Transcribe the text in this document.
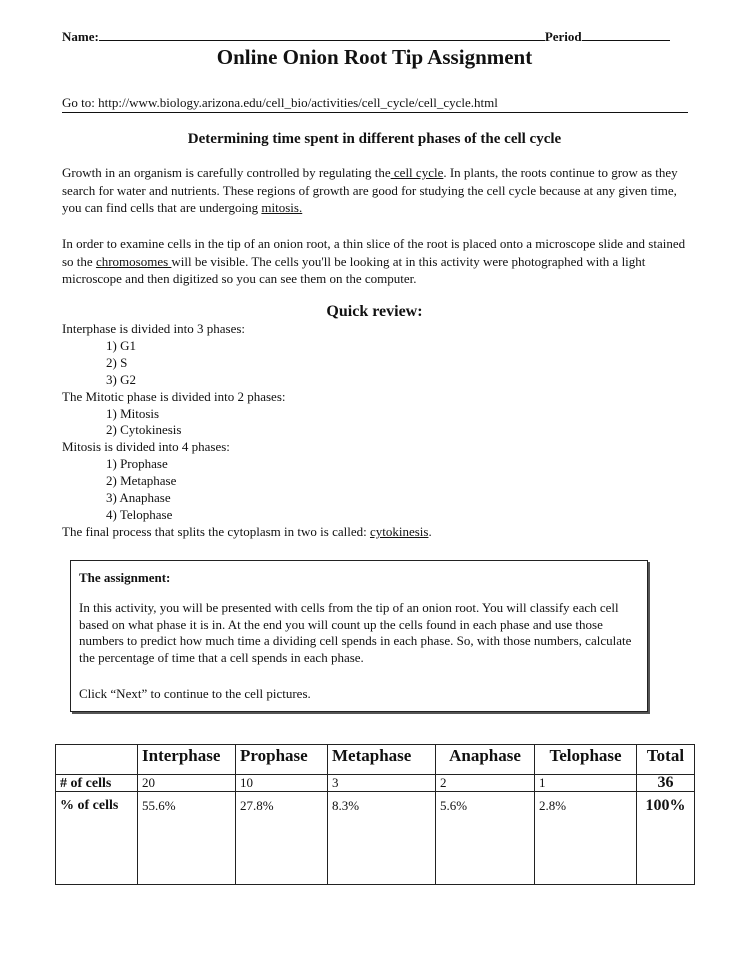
Name:	Period
Online Onion Root Tip Assignment
Go to: http://www.biology.arizona.edu/cell_bio/activities/cell_cycle/cell_cycle.html
Determining time spent in different phases of the cell cycle
Growth in an organism is carefully controlled by regulating the cell cycle. In plants, the roots continue to grow as they search for water and nutrients. These regions of growth are good for studying the cell cycle because at any given time, you can find cells that are undergoing mitosis.
In order to examine cells in the tip of an onion root, a thin slice of the root is placed onto a microscope slide and stained so the chromosomes will be visible. The cells you'll be looking at in this activity were photographed with a light microscope and then digitized so you can see them on the computer.
Quick review:
Interphase is divided into 3 phases:
1) G1
2) S
3) G2
The Mitotic phase is divided into 2 phases:
1) Mitosis
2) Cytokinesis
Mitosis is divided into 4 phases:
1) Prophase
2) Metaphase
3) Anaphase
4) Telophase
The final process that splits the cytoplasm in two is called: cytokinesis.
The assignment:
In this activity, you will be presented with cells from the tip of an onion root. You will classify each cell based on what phase it is in. At the end you will count up the cells found in each phase and use those numbers to predict how much time a dividing cell spends in each phase. So, with those numbers, calculate the percentage of time that a cell spends in each phase.
Click “Next” to continue to the cell pictures.
	Interphase	Prophase	Metaphase	Anaphase	Telophase	Total
# of cells	20	10	3	2	1	36
% of cells	55.6%	27.8%	8.3%	5.6%	2.8%	100%
